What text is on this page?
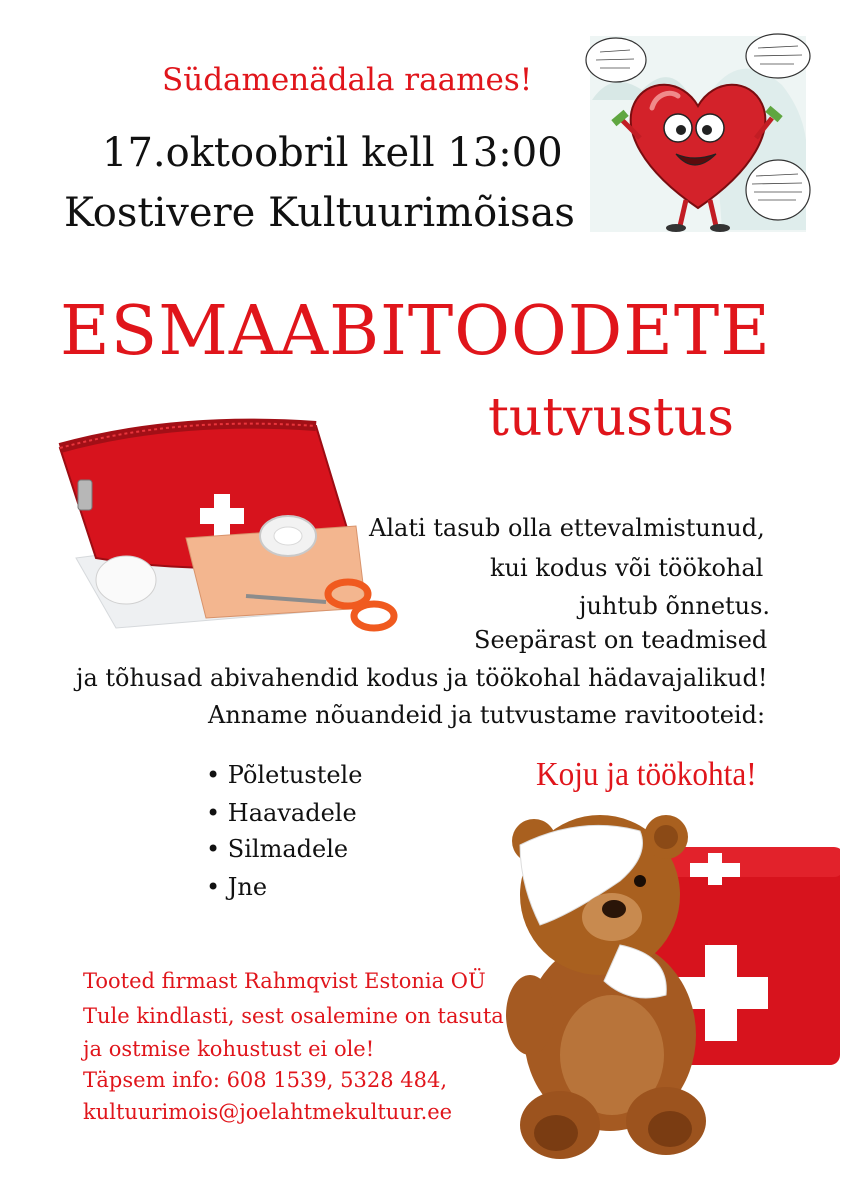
Südamenädala raames!
17.oktoobril kell 13:00
Kostivere Kultuurimõisas
ESMAABITOODETE
tutvustus
Alati tasub olla ettevalmistunud,
kui kodus või töökohal
juhtub õnnetus.
Seepärast on teadmised
ja tõhusad abivahendid kodus ja töökohal hädavajalikud!
Anname nõuandeid ja tutvustame ravitooteid:
• Põletustele
• Haavadele
• Silmadele
• Jne
Koju ja töökohta!
Tooted firmast Rahmqvist Estonia OÜ
Tule kindlasti, sest osalemine on tasuta
ja ostmise kohustust ei ole!
Täpsem info: 608 1539, 5328 484,
kultuurimois@joelahtmekultuur.ee
